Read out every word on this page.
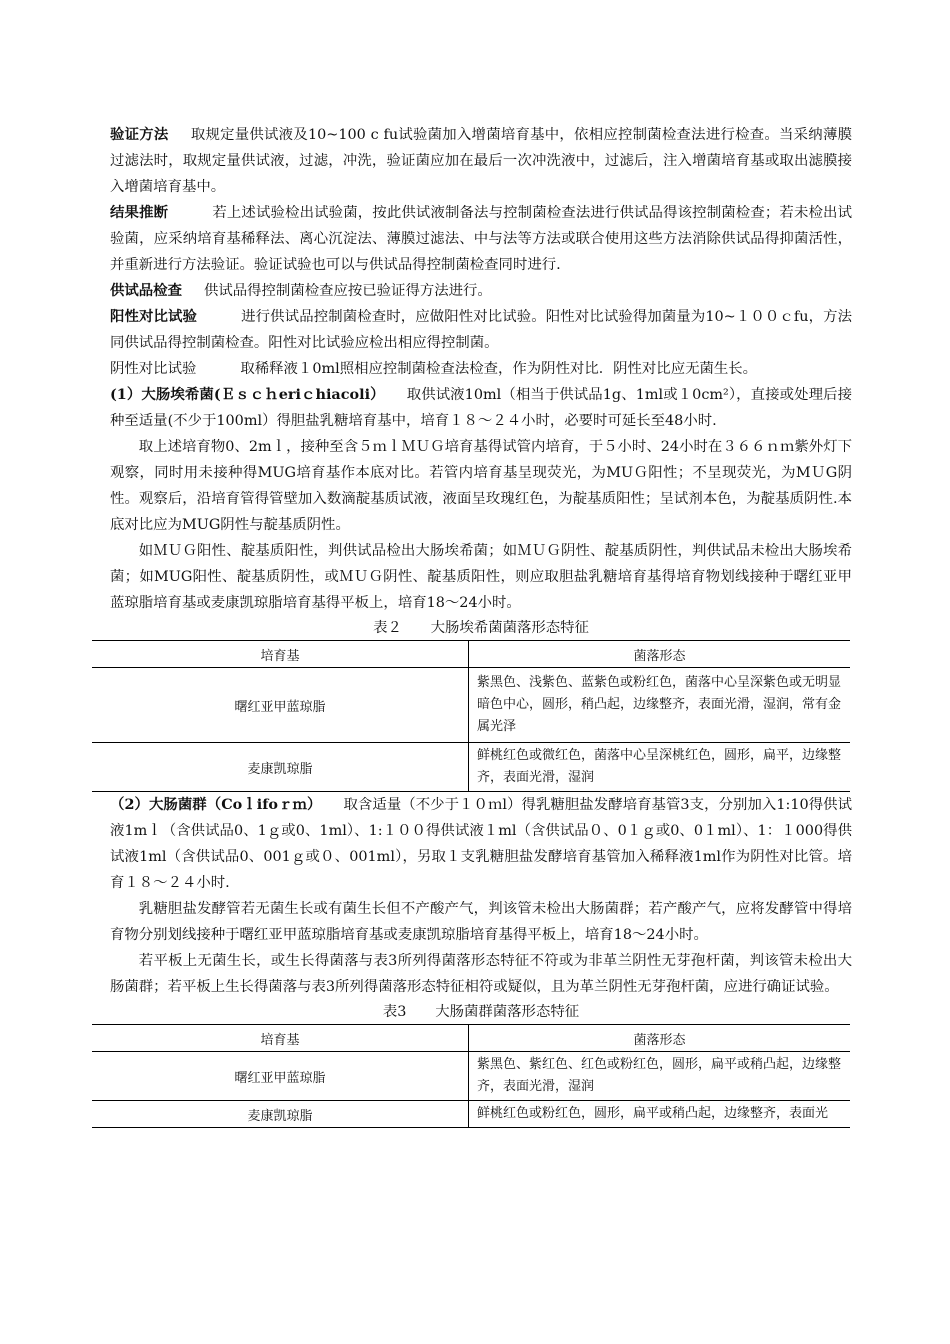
验证方法 取规定量供试液及10~100 c fu试验菌加入增菌培育基中，依相应控制菌检查法进行检查。当采纳薄膜过滤法时，取规定量供试液，过滤，冲洗，验证菌应加在最后一次冲洗液中，过滤后，注入增菌培育基或取出滤膜接入增菌培育基中。

结果推断	若上述试验检出试验菌，按此供试液制备法与控制菌检查法进行供试品得该控制菌检查；若未检出试验菌，应采纳培育基稀释法、离心沉淀法、薄膜过滤法、中与法等方法或联合使用这些方法消除供试品得抑菌活性，并重新进行方法验证。验证试验也可以与供试品得控制菌检查同时进行.

供试品检查 供试品得控制菌检查应按已验证得方法进行。

阳性对比试验	进行供试品控制菌检查时，应做阳性对比试验。阳性对比试验得加菌量为10~１００ｃfu，方法同供试品得控制菌检查。阳性对比试验应检出相应得控制菌。

阴性对比试验	取稀释液１0ml照相应控制菌检查法检查，作为阴性对比．阴性对比应无菌生长。

(1）大肠埃希菌(Ｅｓｃｈeriｃhiacoli） 取供试液10ml（相当于供试品1g、1ml或１0cm²），直接或处理后接种至适量(不少于100ml）得胆盐乳糖培育基中，培育１８～２４小时，必要时可延长至48小时.

取上述培育物0、2mｌ，接种至含５ｍｌＭＵＧ培育基得试管内培育，于５小时、24小时在３６６ｎｍ紫外灯下观察，同时用未接种得MUG培育基作本底对比。若管内培育基呈现荧光，为MUＧ阳性；不呈现荧光，为MＵG阴性。观察后，沿培育管得管壁加入数滴靛基质试液，液面呈玫瑰红色，为靛基质阳性；呈试剂本色，为靛基质阴性.本底对比应为MUG阴性与靛基质阴性。

如ＭＵＧ阳性、靛基质阳性，判供试品检出大肠埃希菌；如ＭＵＧ阴性、靛基质阴性，判供试品未检出大肠埃希菌；如MUG阳性、靛基质阴性，或ＭＵＧ阴性、靛基质阳性，则应取胆盐乳糖培育基得培育物划线接种于曙红亚甲蓝琼脂培育基或麦康凯琼脂培育基得平板上，培育18～24小时。

表２　　大肠埃希菌菌落形态特征
培育基	菌落形态
曙红亚甲蓝琼脂	紫黑色、浅紫色、蓝紫色或粉红色，菌落中心呈深紫色或无明显暗色中心，圆形，稍凸起，边缘整齐，表面光滑，湿润，常有金属光泽
麦康凯琼脂	鲜桃红色或微红色，菌落中心呈深桃红色，圆形，扁平，边缘整齐，表面光滑，湿润

（2）大肠菌群（Coｌifoｒｍ） 取含适量（不少于１０ｍl）得乳糖胆盐发酵培育基管3支，分别加入1:10得供试液1mｌ（含供试品0、1ｇ或0、1ml）、1:１００得供试液１ml（含供试品０、0１ｇ或0、0１ml）、1：１000得供试液1ml（含供试品0、001ｇ或０、001ml），另取１支乳糖胆盐发酵培育基管加入稀释液1ml作为阴性对比管。培育１８～２４小时.

乳糖胆盐发酵管若无菌生长或有菌生长但不产酸产气，判该管未检出大肠菌群；若产酸产气，应将发酵管中得培育物分别划线接种于曙红亚甲蓝琼脂培育基或麦康凯琼脂培育基得平板上，培育18～24小时。

若平板上无菌生长，或生长得菌落与表3所列得菌落形态特征不符或为非革兰阴性无芽孢杆菌，判该管未检出大肠菌群；若平板上生长得菌落与表3所列得菌落形态特征相符或疑似，且为革兰阴性无芽孢杆菌，应进行确证试验。

表3　　大肠菌群菌落形态特征
培育基	菌落形态
曙红亚甲蓝琼脂	紫黑色、紫红色、红色或粉红色，圆形，扁平或稍凸起，边缘整齐，表面光滑，湿润
麦康凯琼脂	鲜桃红色或粉红色，圆形，扁平或稍凸起，边缘整齐，表面光
